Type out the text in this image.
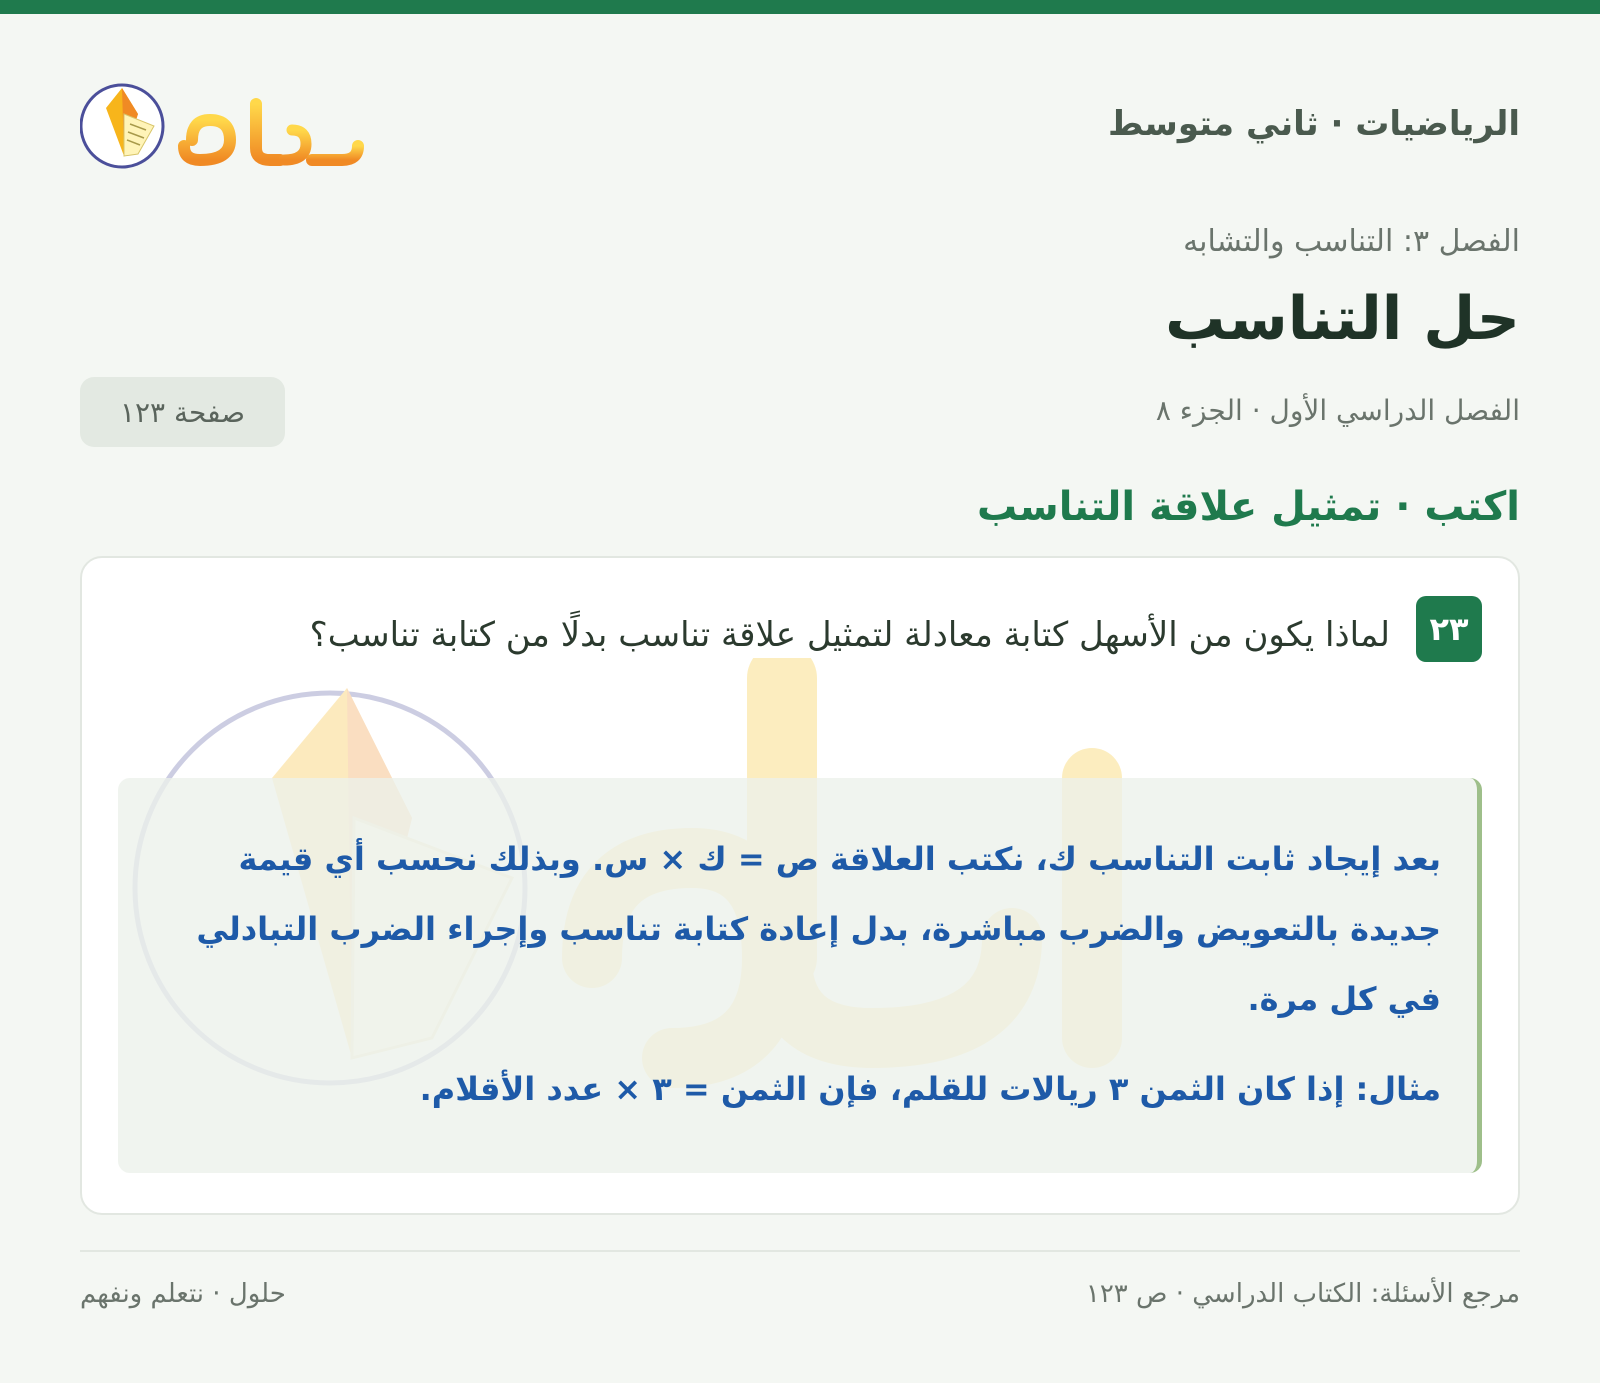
الرياضيات · ثاني متوسط
الفصل ٣: التناسب والتشابه
حل التناسب
الفصل الدراسي الأول · الجزء ٨
صفحة ١٢٣
اكتب · تمثيل علاقة التناسب
٢٣
لماذا يكون من الأسهل كتابة معادلة لتمثيل علاقة تناسب بدلًا من كتابة تناسب؟

بعد إيجاد ثابت التناسب ك، نكتب العلاقة ص = ك × س. وبذلك نحسب أي قيمة جديدة بالتعويض والضرب مباشرة، بدل إعادة كتابة تناسب وإجراء الضرب التبادلي في كل مرة.

مثال: إذا كان الثمن ٣ ريالات للقلم، فإن الثمن = ٣ × عدد الأقلام.

مرجع الأسئلة: الكتاب الدراسي · ص ١٢٣
حلول · نتعلم ونفهم
